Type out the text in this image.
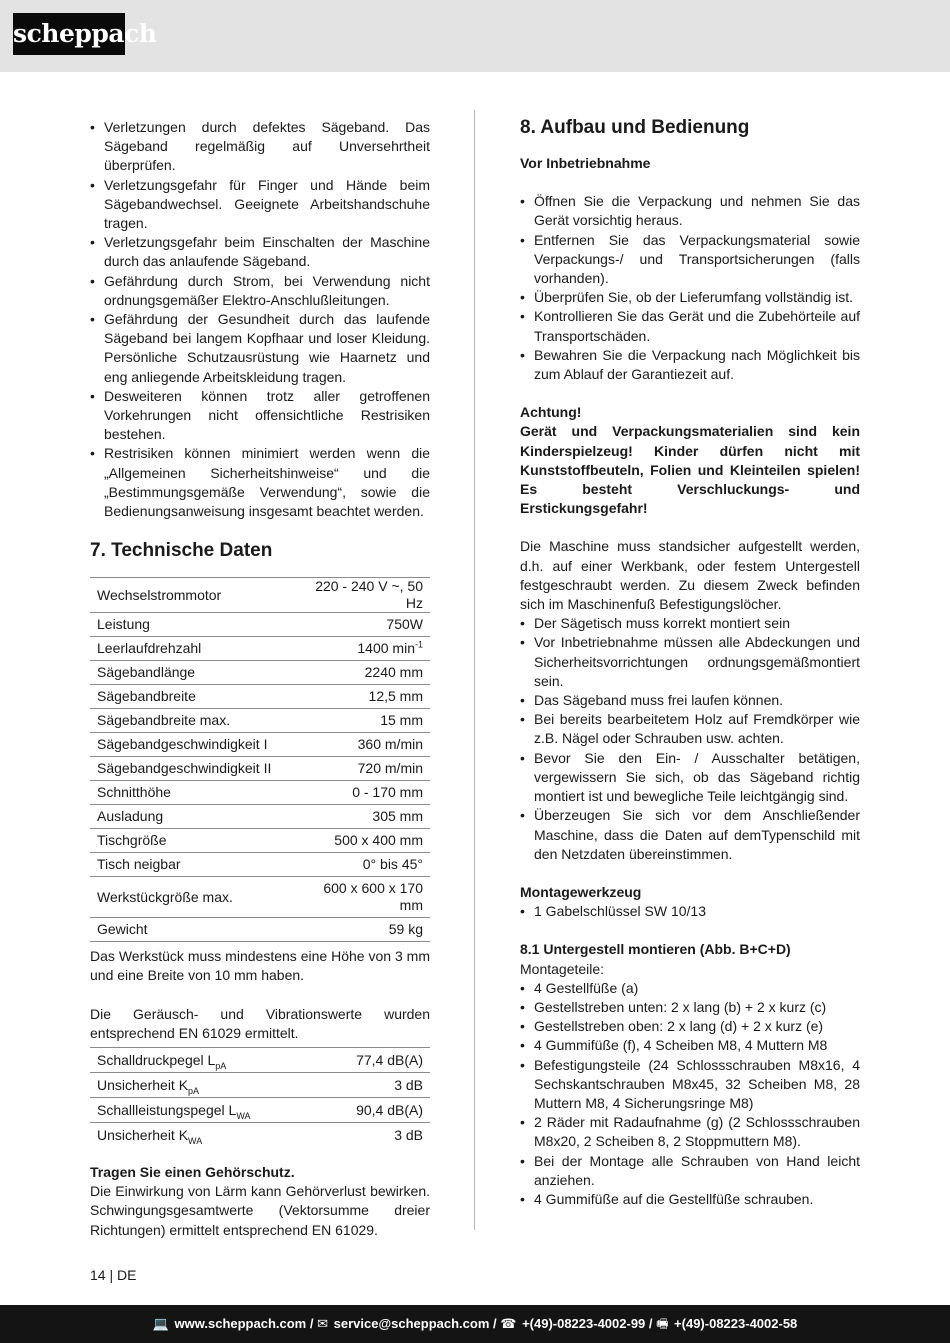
scheppach
• Verletzungen durch defektes Sägeband. Das Sägeband regelmäßig auf Unversehrtheit überprüfen.
• Verletzungsgefahr für Finger und Hände beim Sägebandwechsel. Geeignete Arbeitshandschuhe tragen.
• Verletzungsgefahr beim Einschalten der Maschine durch das anlaufende Sägeband.
• Gefährdung durch Strom, bei Verwendung nicht ordnungsgemäßer Elektro-Anschlußleitungen.
• Gefährdung der Gesundheit durch das laufende Sägeband bei langem Kopfhaar und loser Kleidung. Persönliche Schutzausrüstung wie Haarnetz und eng anliegende Arbeitskleidung tragen.
• Desweiteren können trotz aller getroffenen Vorkehrungen nicht offensichtliche Restrisiken bestehen.
• Restrisiken können minimiert werden wenn die „Allgemeinen Sicherheitshinweise“ und die „Bestimmungsgemäße Verwendung“, sowie die Bedienungsanweisung insgesamt beachtet werden.
7. Technische Daten
Wechselstrommotor	220 - 240 V ~, 50 Hz
Leistung	750W
Leerlaufdrehzahl	1400 $\min^{-1}$
Sägebandlänge	2240 mm
Sägebandbreite	12,5 mm
Sägebandbreite max.	15 mm
Sägebandgeschwindigkeit I	360 m/min
Sägebandgeschwindigkeit II	720 m/min
Schnitthöhe	0 - 170 mm
Ausladung	305 mm
Tischgröße	500 x 400 mm
Tisch neigbar	0° bis 45°
Werkstückgröße max.	600 x 600 x 170 mm
Gewicht	59 kg

Das Werkstück muss mindestens eine Höhe von 3 mm und eine Breite von 10 mm haben.

Die Geräusch- und Vibrationswerte wurden entsprechend EN 61029 ermittelt.

Schalldruckpegel $L_{pA}$	77,4 dB(A)
Unsicherheit $K_{pA}$	3 dB
Schallleistungspegel $L_{WA}$	90,4 dB(A)
Unsicherheit $K_{WA}$	3 dB

Tragen Sie einen Gehörschutz.

Die Einwirkung von Lärm kann Gehörverlust bewirken. Schwingungsgesamtwerte (Vektorsumme dreier Richtungen) ermittelt entsprechend EN 61029.

8. Aufbau und Bedienung

Vor Inbetriebnahme

• Öffnen Sie die Verpackung und nehmen Sie das Gerät vorsichtig heraus.
• Entfernen Sie das Verpackungsmaterial sowie Verpackungs-/ und Transportsicherungen (falls vorhanden).
• Überprüfen Sie, ob der Lieferumfang vollständig ist.
• Kontrollieren Sie das Gerät und die Zubehörteile auf Transportschäden.
• Bewahren Sie die Verpackung nach Möglichkeit bis zum Ablauf der Garantiezeit auf.

Achtung!

Gerät und Verpackungsmaterialien sind kein Kinderspielzeug! Kinder dürfen nicht mit Kunststoffbeuteln, Folien und Kleinteilen spielen! Es besteht Verschluckungs- und Erstickungsgefahr!

Die Maschine muss standsicher aufgestellt werden, d.h. auf einer Werkbank, oder festem Untergestell festgeschraubt werden. Zu diesem Zweck befinden sich im Maschinenfuß Befestigungslöcher.

• Der Sägetisch muss korrekt montiert sein
• Vor Inbetriebnahme müssen alle Abdeckungen und Sicherheitsvorrichtungen ordnungsgemäßmontiert sein.
• Das Sägeband muss frei laufen können.
• Bei bereits bearbeitetem Holz auf Fremdkörper wie z.B. Nägel oder Schrauben usw. achten.
• Bevor Sie den Ein- / Ausschalter betätigen, vergewissern Sie sich, ob das Sägeband richtig montiert ist und bewegliche Teile leichtgängig sind.
• Überzeugen Sie sich vor dem Anschließender Maschine, dass die Daten auf demTypenschild mit den Netzdaten übereinstimmen.

Montagewerkzeug

• 1 Gabelschlüssel SW 10/13

8.1 Untergestell montieren (Abb. B+C+D)

Montageteile:

• 4 Gestellfüße (a)
• Gestellstreben unten: 2 x lang (b) + 2 x kurz (c)
• Gestellstreben oben: 2 x lang (d) + 2 x kurz (e)
• 4 Gummifüße (f), 4 Scheiben M8, 4 Muttern M8
• Befestigungsteile (24 Schlossschrauben M8x16, 4 Sechskantschrauben M8x45, 32 Scheiben M8, 28 Muttern M8, 4 Sicherungsringe M8)
• 2 Räder mit Radaufnahme (g) (2 Schlossschrauben M8x20, 2 Scheiben 8, 2 Stoppmuttern M8).
• Bei der Montage alle Schrauben von Hand leicht anziehen.
• 4 Gummifüße auf die Gestellfüße schrauben.
14 | DE
💻 www.scheppach.com / ✉ service@scheppach.com / ☎ +(49)-08223-4002-99 / 🖷 +(49)-08223-4002-58
